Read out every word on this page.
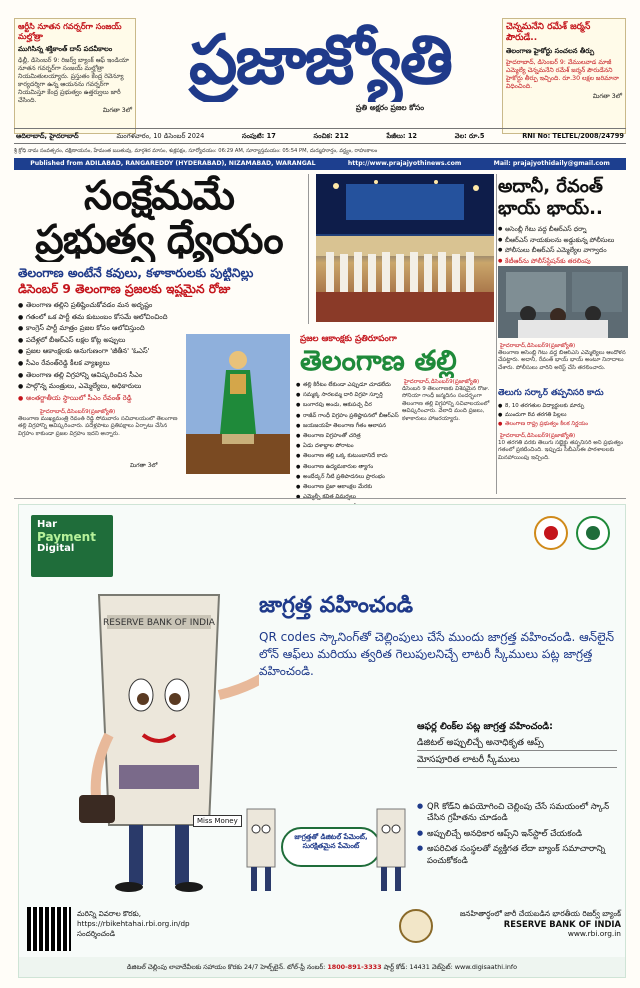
ఆర్టీసి నూతన గవర్నర్‌గా సంజయ్ మల్హోత్రా
ముగిసిన్న శక్తికాంత్ దాస్ పదవీకాలం
ఢిల్లీ, డిసెంబర్ 9: రిజర్వ్ బ్యాంక్ ఆఫ్ ఇండియా నూతన గవర్నర్‌గా సంజయ్ మల్హోత్రా నియమితులయ్యారు. ప్రస్తుతం కేంద్ర రెవెన్యూ కార్యదర్శిగా ఉన్న ఆయనను గవర్నర్‌గా నియమిస్తూ కేంద్ర ప్రభుత్వం ఉత్తర్వులు జారీ చేసింది.
మిగతా 3లో
ప్రజాజ్యోతి
ప్రతి అక్షరం ప్రజల కోసం
చెన్నమనేని రమేశ్ జర్మన్ పౌరుడే..
తెలంగాణ హైకోర్టు సంచలన తీర్పు
హైదరాబాద్, డిసెంబర్ 9: వేములవాడ మాజీ ఎమ్మెల్యే చెన్నమనేని రమేశ్ జర్మన్ పౌరుడేనని హైకోర్టు తీర్పు ఇచ్చింది. రూ.30 లక్షల జరిమానా విధించింది.
మిగతా 3లో
ఆదిలాబాద్, హైదరాబాద్	మంగళవారం, 10 డిసెంబర్ 2024	సంపుటి: 17	సంచిక: 212	పేజీలు: 12	వెల: రూ.5	RNI No: TELTEL/2008/24799
శ్రీ క్రోధి నామ సంవత్సరం, దక్షిణాయనం, హేమంత ఋతువు, మార్గశిర మాసం, శుక్లపక్షం, సూర్యోదయం: 06:29 AM, సూర్యాస్తమయం: 05:54 PM, దుర్ముహూర్తం, వర్జ్యం, రాహుకాలం
Published from ADILABAD, RANGAREDDY (HYDERABAD), NIZAMABAD, WARANGAL	http://www.prajajyothinews.com	Mail: prajajyothidaily@gmail.com
సంక్షేమమే
ప్రభుత్వ ధ్యేయం
తెలంగాణ అంటేనే కవులు, కళాకారులకు పుట్టినిల్లు
డిసెంబర్ 9 తెలంగాణ ప్రజలకు ఇష్టమైన రోజు
● తెలంగాణ తల్లిని ప్రతిష్టించుకోవడం మన అదృష్టం
● గతంలో ఒక పార్టీ తమ కుటుంబం కోసమే ఆలోచించింది
● కాంగ్రెస్ పార్టీ మాత్రం ప్రజల కోసం ఆలోచిస్తుంది
● పదేళ్లలో బీఆర్ఎస్ లక్షల కోట్ల అప్పులు
● ప్రజల ఆకాంక్షలకు అనుగుణంగా 'జీతీన' 'ఓఎస్'
● సీఎం రేవంత్‌రెడ్డి కీలక వ్యాఖ్యలు
● తెలంగాణ తల్లి విగ్రహాన్ని ఆవిష్కరించిన సీఎం
● పాల్గొన్న మంత్రులు, ఎమ్మెల్యేలు, అధికారులు
● అంతర్జాతీయ స్థాయిలో సీఎం రేవంత్ రెడ్డి
హైదరాబాద్,డిసెంబర్9(ప్రజాజ్యోతి)
తెలంగాణ ముఖ్యమంత్రి రేవంత్ రెడ్డి సోమవారం సచివాలయంలో తెలంగాణ తల్లి విగ్రహాన్ని ఆవిష్కరించారు. పదేళ్లపాటు ప్రతిపక్షాలు ఏర్పాటు చేసిన విగ్రహం కాకుండా ప్రజల విగ్రహం ఇదని అన్నారు.
మిగతా 3లో
అదానీ, రేవంత్ భాయ్ భాయ్..
● అసెంబ్లీ గేటు వద్ద బీఆర్ఎస్ ధర్నా
● బీఆర్ఎస్ నాయకులను అడ్డుకున్న పోలీసులు
● పోలీసులు బీఆర్ఎస్ ఎమ్మెల్యేల వాగ్వాదం
● కేటీఆర్‌ను పోలీస్‌స్టేషన్‌కు తరలింపు
హైదరాబాద్,డిసెంబర్9(ప్రజాజ్యోతి)
తెలంగాణ అసెంబ్లీ గేటు వద్ద బీఆర్ఎస్ ఎమ్మెల్యేలు ఆందోళన చేపట్టారు. అదానీ, రేవంత్ భాయ్ భాయ్ అంటూ నినాదాలు చేశారు. పోలీసులు వారిని అరెస్ట్ చేసి తరలించారు.
ప్రజల ఆకాంక్షకు ప్రతిరూపంగా
తెలంగాణ తల్లి
● తల్లి కిరీటం లేకుండా ఎప్పుడూ చూడలేదు
● సమ్మక్క సారలమ్మ దారి విగ్రహ స్ఫూర్తి
● బంగారపు అంచు, ఆకుపచ్చ చీర
● రాజీవ్ గాంధీ విగ్రహం ప్రతిష్టాపనలో బీఆర్ఎస్
● జయజయహే తెలంగాణ గీతం ఆలాపన
● తెలంగాణ విగ్రహంతో చరిత్ర
● ఏడు దశాబ్దాల పోరాటం
● తెలంగాణ తల్లి ఒక్క కుటుంబానిదే కాదు
● తెలంగాణ ఉద్యమకారుల త్యాగం
● అంబేద్కర్ నీటి ప్రతిపాదనలు ప్రారంభం
● తెలంగాణ ప్రజా ఆకాంక్షల మేరకు
●
●
●
హైదరాబాద్,డిసెంబర్9(ప్రజాజ్యోతి)
డిసెంబర్ 9 తెలంగాణకు విశేషమైన రోజు. సోనియా గాంధీ జన్మదినం సందర్భంగా తెలంగాణ తల్లి విగ్రహాన్ని సచివాలయంలో ఆవిష్కరించారు. వేలాది మంది ప్రజలు, కళాకారులు హాజరయ్యారు.
తెలుగు సర్కార్ తప్పనిసరి కాదు
● 8, 10 తరగతుల విద్యార్థులకు మార్పు
● ముందుగా 8వ తరగతి పిల్లలు
● తెలంగాణ రాష్ట్ర ప్రభుత్వం కీలక నిర్ణయం
హైదరాబాద్,డిసెంబర్9(ప్రజాజ్యోతి)
10 తరగతి వరకు తెలుగు సబ్జెక్టు తప్పనిసరి అని ప్రభుత్వం గతంలో ప్రకటించింది. ఇప్పుడు సీబీఎస్ఈ పాఠశాలలకు మినహాయింపు ఇచ్చింది.
Har
Payment
Digital
RESERVE BANK OF INDIA
Miss Money
జాగ్రత్త వహించండి
QR codes స్కానింగ్‌తో చెల్లింపులు చేసే ముందు జాగ్రత్త వహించండి. ఆన్‌లైన్ లోన్ ఆఫ్‌లు మరియు త్వరిత గెలుపులనిచ్చే లాటరీ స్కీములు పట్ల జాగ్రత్త వహించండి.
ఆఫర్ల లింక్‌ల పట్ల జాగ్రత్త వహించండి:
డిజిటల్ అప్పులిచ్చే అనాధికృత ఆప్స్
మోసపూరిత లాటరీ స్కీములు
● QR కోడ్‌ని ఉపయోగించి చెల్లింపు చేసే సమయంలో స్కాన్ చేసిన గ్రహీతను చూడండి
● అప్పులిచ్చే అనధికార ఆప్స్‌ని ఇన్‌స్టాల్ చేయకండి
● అపరిచిత సంస్థలతో వ్యక్తిగత లేదా బ్యాంక్ సమాచారాన్ని పంచుకోకండి
జాగ్రత్తతో డిజిటల్ పేమెంట్, సురక్షితమైన పేమెంట్
మరిన్ని వివరాల కొరకు,
https://rbikehtahai.rbi.org.in/dp
సందర్శించండి
జనహితార్థంలో జారీ చేయబడిన భారతీయ రిజర్వ్ బ్యాంక్
RESERVE BANK OF INDIA
www.rbi.org.in
డిజిటల్ చెల్లింపు లావాదేవీలకు సహాయం కొరకు 24/7 హెల్ప్‌లైన్. టోల్-ఫ్రీ నంబర్: 1800-891-3333 షార్ట్ కోడ్: 14431 వెబ్‌సైట్: www.digisaathi.info
